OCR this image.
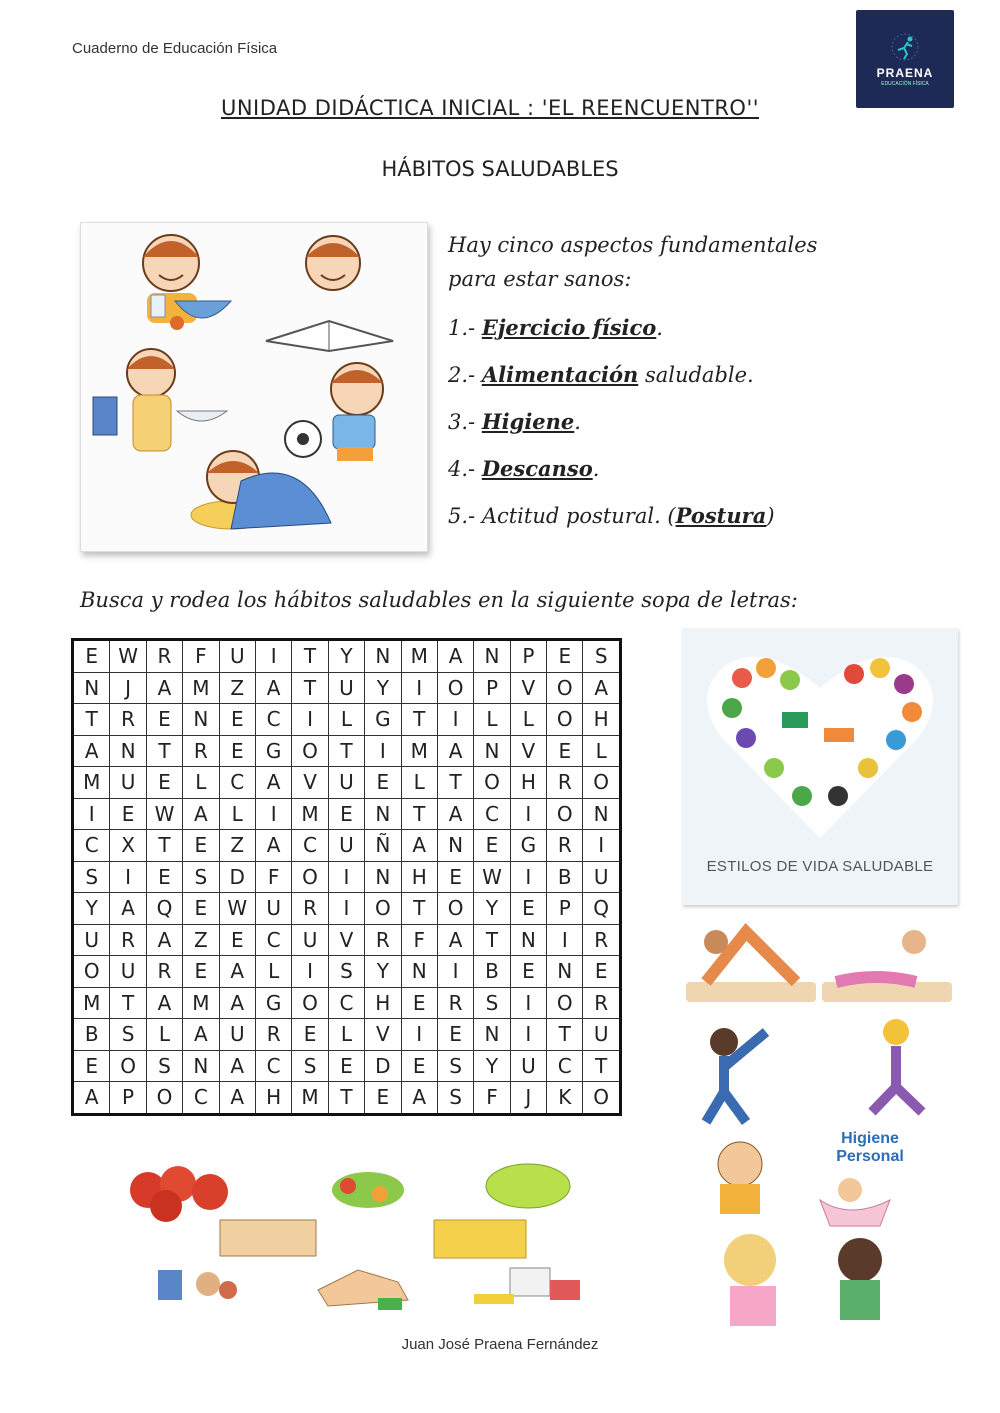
Cuaderno de Educación Física
PRAENA
EDUCACIÓN FÍSICA
UNIDAD DIDÁCTICA INICIAL : 'EL REENCUENTRO''
HÁBITOS SALUDABLES
Hay cinco aspectos fundamentales
para estar sanos:
1.- Ejercicio físico.
2.- Alimentación saludable.
3.- Higiene.
4.- Descanso.
5.- Actitud postural. (Postura)
Busca y rodea los hábitos saludables en la siguiente sopa de letras:
E	W	R	F	U	I	T	Y	N	M	A	N	P	E	S
N	J	A	M	Z	A	T	U	Y	I	O	P	V	O	A
T	R	E	N	E	C	I	L	G	T	I	L	L	O	H
A	N	T	R	E	G	O	T	I	M	A	N	V	E	L
M	U	E	L	C	A	V	U	E	L	T	O	H	R	O
I	E	W	A	L	I	M	E	N	T	A	C	I	O	N
C	X	T	E	Z	A	C	U	Ñ	A	N	E	G	R	I
S	I	E	S	D	F	O	I	N	H	E	W	I	B	U
Y	A	Q	E	W	U	R	I	O	T	O	Y	E	P	Q
U	R	A	Z	E	C	U	V	R	F	A	T	N	I	R
O	U	R	E	A	L	I	S	Y	N	I	B	E	N	E
M	T	A	M	A	G	O	C	H	E	R	S	I	O	R
B	S	L	A	U	R	E	L	V	I	E	N	I	T	U
E	O	S	N	A	C	S	E	D	E	S	Y	U	C	T
A	P	O	C	A	H	M	T	E	A	S	F	J	K	O
ESTILOS DE VIDA SALUDABLE
Higiene Personal
Juan José Praena Fernández
